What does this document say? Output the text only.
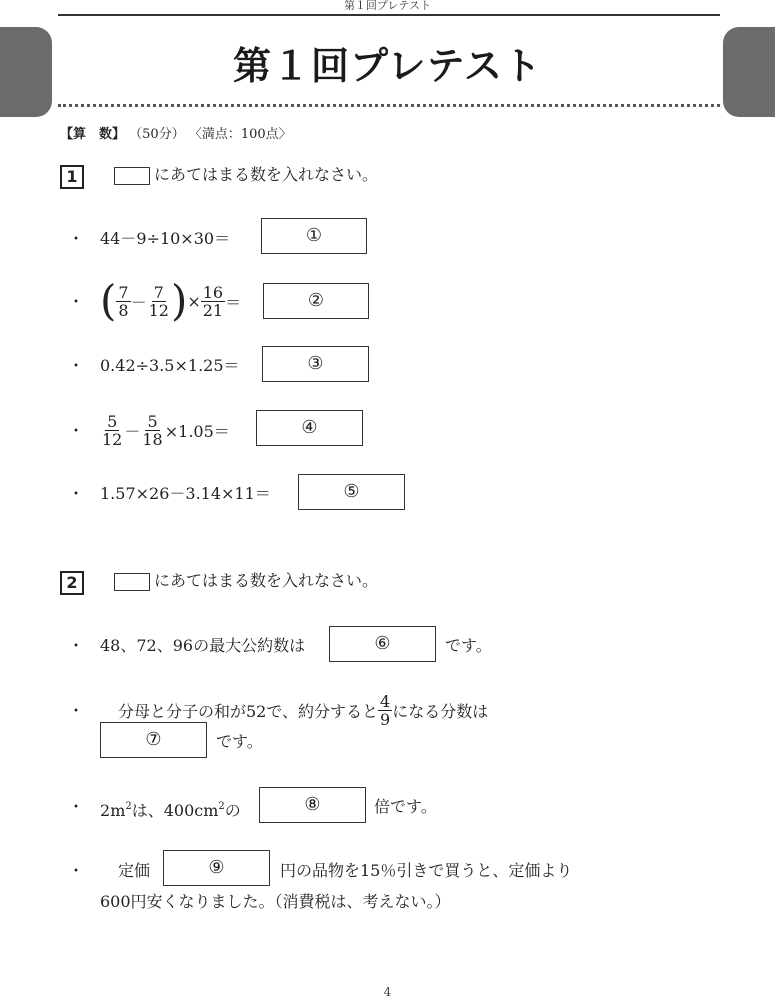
第１回プレテスト
第１回プレテスト
【算　数】 （50分） 〈満点：100点〉
1	にあてはまる数を入れなさい。
・ 44－9÷10×30＝	①
・ ( $\frac{7}{8} - \frac{7}{12}$ ) × $\frac{16}{21}$ ＝	②
・ 0.42÷3.5×1.25＝	③
・ $\frac{5}{12} - \frac{5}{18} \times 1.05=$	④
・ 1.57×26－3.14×11＝	⑤
2	にあてはまる数を入れなさい。
・ 48、72、96の最大公約数は	⑥	です。
・ 分母と分子の和が52で、約分すると $\frac{4}{9}$ になる分数は
⑦	です。
・ $2m^2$は、$400cm^2$の	⑧	倍です。
・ 定価	⑨	円の品物を15％引きで買うと、定価より
600円安くなりました。（消費税は、考えない。）
4
